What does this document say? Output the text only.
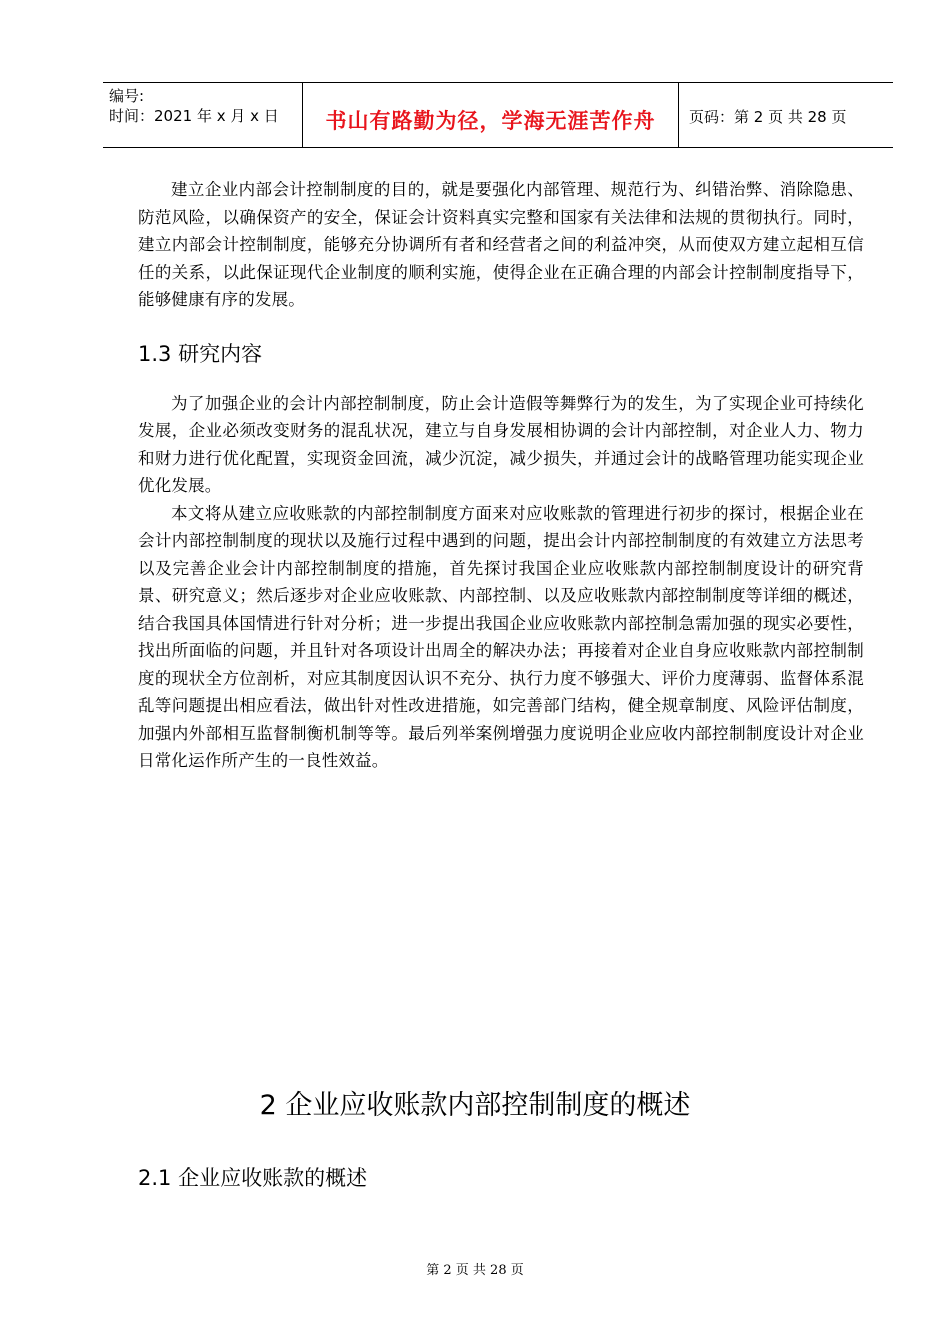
编号:
时间：2021 年 x 月 x 日	书山有路勤为径，学海无涯苦作舟	页码：第 2 页 共 28 页

建立企业内部会计控制制度的目的，就是要强化内部管理、规范行为、纠错治弊、消除隐患、防范风险，以确保资产的安全，保证会计资料真实完整和国家有关法律和法规的贯彻执行。同时，建立内部会计控制制度，能够充分协调所有者和经营者之间的利益冲突，从而使双方建立起相互信任的关系，以此保证现代企业制度的顺利实施，使得企业在正确合理的内部会计控制制度指导下，能够健康有序的发展。

1.3 研究内容

为了加强企业的会计内部控制制度，防止会计造假等舞弊行为的发生，为了实现企业可持续化发展，企业必须改变财务的混乱状况，建立与自身发展相协调的会计内部控制，对企业人力、物力和财力进行优化配置，实现资金回流，减少沉淀，减少损失，并通过会计的战略管理功能实现企业优化发展。

本文将从建立应收账款的内部控制制度方面来对应收账款的管理进行初步的探讨，根据企业在会计内部控制制度的现状以及施行过程中遇到的问题，提出会计内部控制制度的有效建立方法思考以及完善企业会计内部控制制度的措施，首先探讨我国企业应收账款内部控制制度设计的研究背景、研究意义；然后逐步对企业应收账款、内部控制、以及应收账款内部控制制度等详细的概述，结合我国具体国情进行针对分析；进一步提出我国企业应收账款内部控制急需加强的现实必要性，找出所面临的问题，并且针对各项设计出周全的解决办法；再接着对企业自身应收账款内部控制制度的现状全方位剖析，对应其制度因认识不充分、执行力度不够强大、评价力度薄弱、监督体系混乱等问题提出相应看法，做出针对性改进措施，如完善部门结构，健全规章制度、风险评估制度，加强内外部相互监督制衡机制等等。最后列举案例增强力度说明企业应收内部控制制度设计对企业日常化运作所产生的一良性效益。

2 企业应收账款内部控制制度的概述
2.1 企业应收账款的概述
第 2 页 共 28 页
